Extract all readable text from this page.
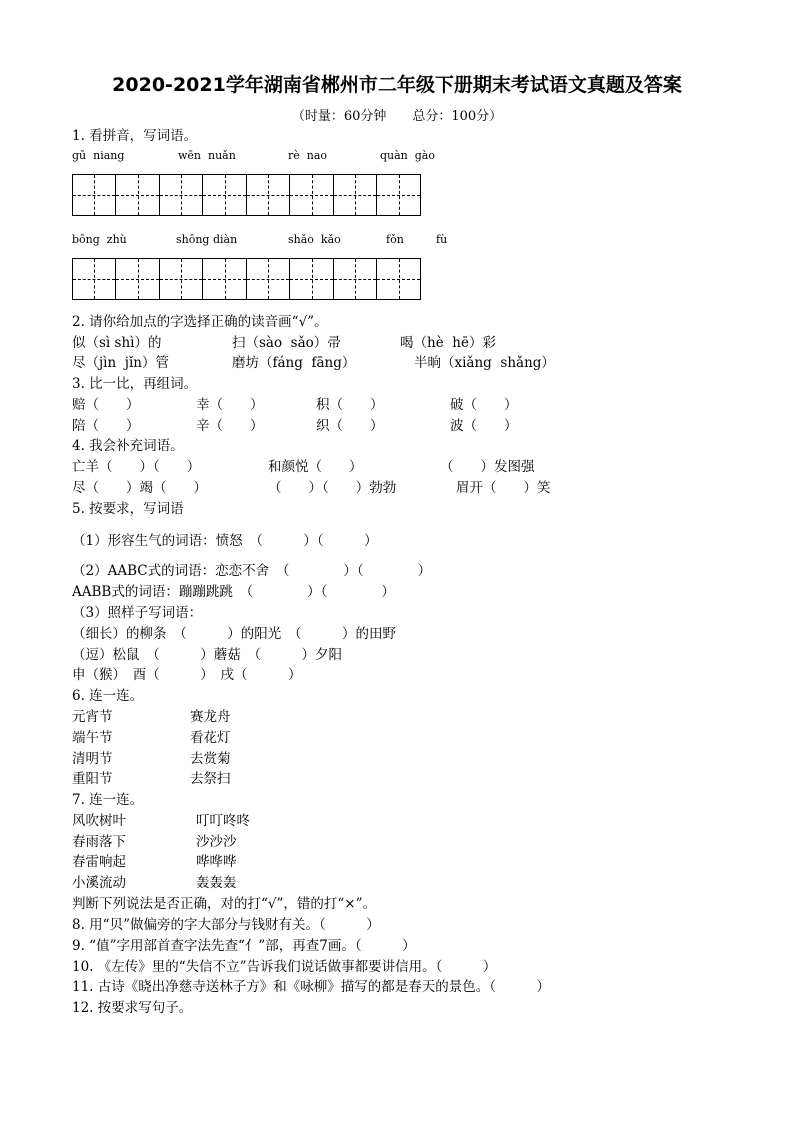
2020-2021学年湖南省郴州市二年级下册期末考试语文真题及答案
（时量：60分钟　　总分：100分）
1. 看拼音，写词语。
gū  niang	wēn  nuǎn	rè  nao	quàn  gào
bōng  zhù	shōng diàn	shǎo  kǎo	fǒn	fù
2. 请你给加点的字选择正确的读音画“√”。
似（sì shì）的	扫（sào  sǎo）帚	喝（hè  hē）彩
尽（jìn  jǐn）管	磨坊（fáng  fāng）	半晌（xiǎng  shǎng）
3. 比一比，再组词。
赔（　　）	幸（　　）	积（　　）	破（　　）
陪（　　）	辛（　　）	织（　　）	波（　　）
4. 我会补充词语。
亡羊（　　）（　　）	和颜悦（　　）	（　　）发图强
尽（　　）竭（　　）	（　　）（　　）勃勃	眉开（　　）笑
5. 按要求，写词语
（1）形容生气的词语：愤怒　（　　　）（　　　）
（2）AABC式的词语：恋恋不舍　（　　　　）（　　　　）
AABB式的词语：蹦蹦跳跳　（　　　　）（　　　　）
（3）照样子写词语：
（细长）的柳条　（　　　）的阳光　（　　　）的田野
（逗）松鼠　（　　　）蘑菇　（　　　）夕阳
申（猴）　酉（　　　）　戌（　　　）
6. 连一连。
元宵节	赛龙舟
端午节	看花灯
清明节	去赏菊
重阳节	去祭扫
7. 连一连。
风吹树叶	叮叮咚咚
春雨落下	沙沙沙
春雷响起	哗哗哗
小溪流动	轰轰轰
判断下列说法是否正确，对的打“√”，错的打“×”。
8. 用“贝”做偏旁的字大部分与钱财有关。（　　　）
9. “值”字用部首查字法先查“亻”部，再查7画。（　　　）
10. 《左传》里的“失信不立”告诉我们说话做事都要讲信用。（　　　）
11. 古诗《晓出净慈寺送林子方》和《咏柳》描写的都是春天的景色。（　　　）
12. 按要求写句子。
